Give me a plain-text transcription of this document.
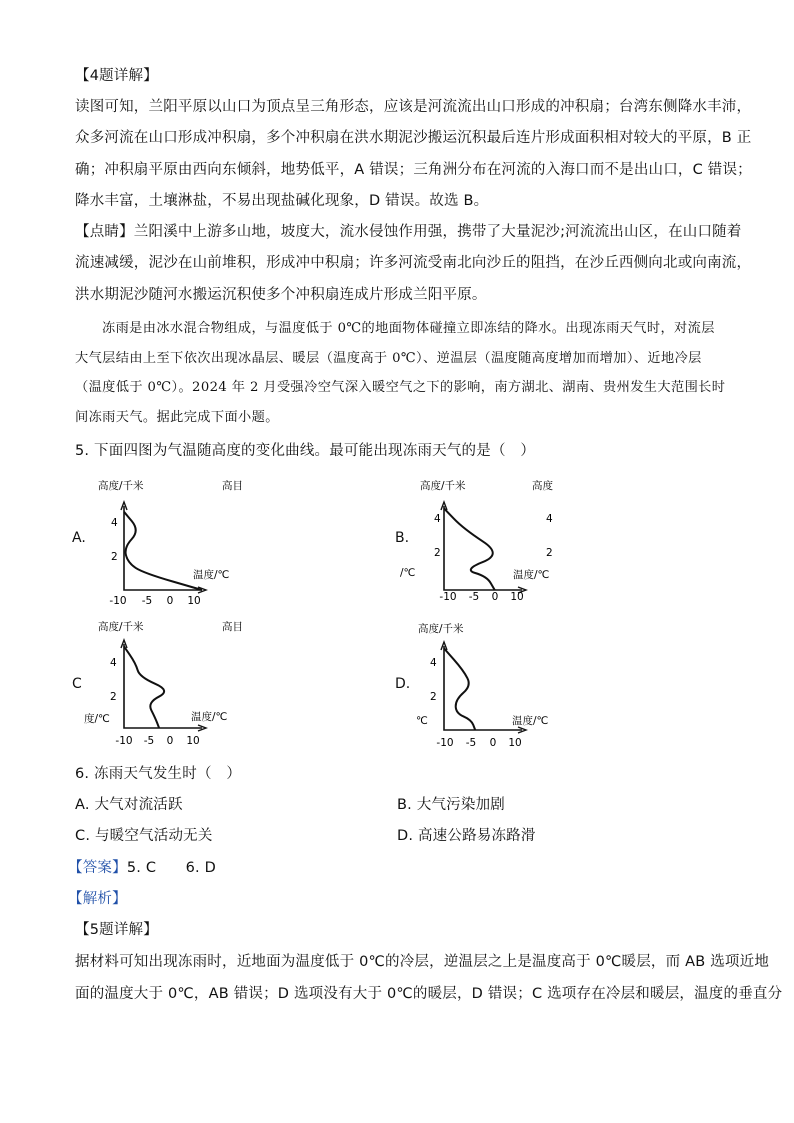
【4题详解】
读图可知，兰阳平原以山口为顶点呈三角形态，应该是河流流出山口形成的冲积扇；台湾东侧降水丰沛，
众多河流在山口形成冲积扇，多个冲积扇在洪水期泥沙搬运沉积最后连片形成面积相对较大的平原，B 正
确；冲积扇平原由西向东倾斜，地势低平，A 错误；三角洲分布在河流的入海口而不是出山口，C 错误；
降水丰富，土壤淋盐，不易出现盐碱化现象，D 错误。故选 B。
【点睛】兰阳溪中上游多山地，坡度大，流水侵蚀作用强，携带了大量泥沙;河流流出山区，在山口随着
流速减缓，泥沙在山前堆积，形成冲中积扇；许多河流受南北向沙丘的阻挡，在沙丘西侧向北或向南流，
洪水期泥沙随河水搬运沉积使多个冲积扇连成片形成兰阳平原。
冻雨是由冰水混合物组成，与温度低于 0℃的地面物体碰撞立即冻结的降水。出现冻雨天气时，对流层
大气层结由上至下依次出现冰晶层、暖层（温度高于 0℃）、逆温层（温度随高度增加而增加）、近地冷层
（温度低于 0℃）。2024 年 2 月受强冷空气深入暖空气之下的影响，南方湖北、湖南、贵州发生大范围长时
间冻雨天气。据此完成下面小题。
5. 下面四图为气温随高度的变化曲线。最可能出现冻雨天气的是（　）
A.	B.
C	D.
高度/千米	高目
温度/℃
4
2
-10 -5 0 10
/℃
高度/千米	高度
温度/℃
4
2
4
2
-10 -5 0 10
度/℃
高度/千米	高目
温度/℃
4
2
-10 -5 0 10
℃
高度/千米
温度/℃
4
2
-10 -5 0 10
6. 冻雨天气发生时（　）
A. 大气对流活跃	B. 大气污染加剧
C. 与暖空气活动无关	D. 高速公路易冻路滑
【答案】5. C　　6. D
【解析】
【5题详解】
据材料可知出现冻雨时，近地面为温度低于 0℃的冷层，逆温层之上是温度高于 0℃暖层，而 AB 选项近地
面的温度大于 0℃，AB 错误；D 选项没有大于 0℃的暖层，D 错误；C 选项存在冷层和暖层，温度的垂直分
